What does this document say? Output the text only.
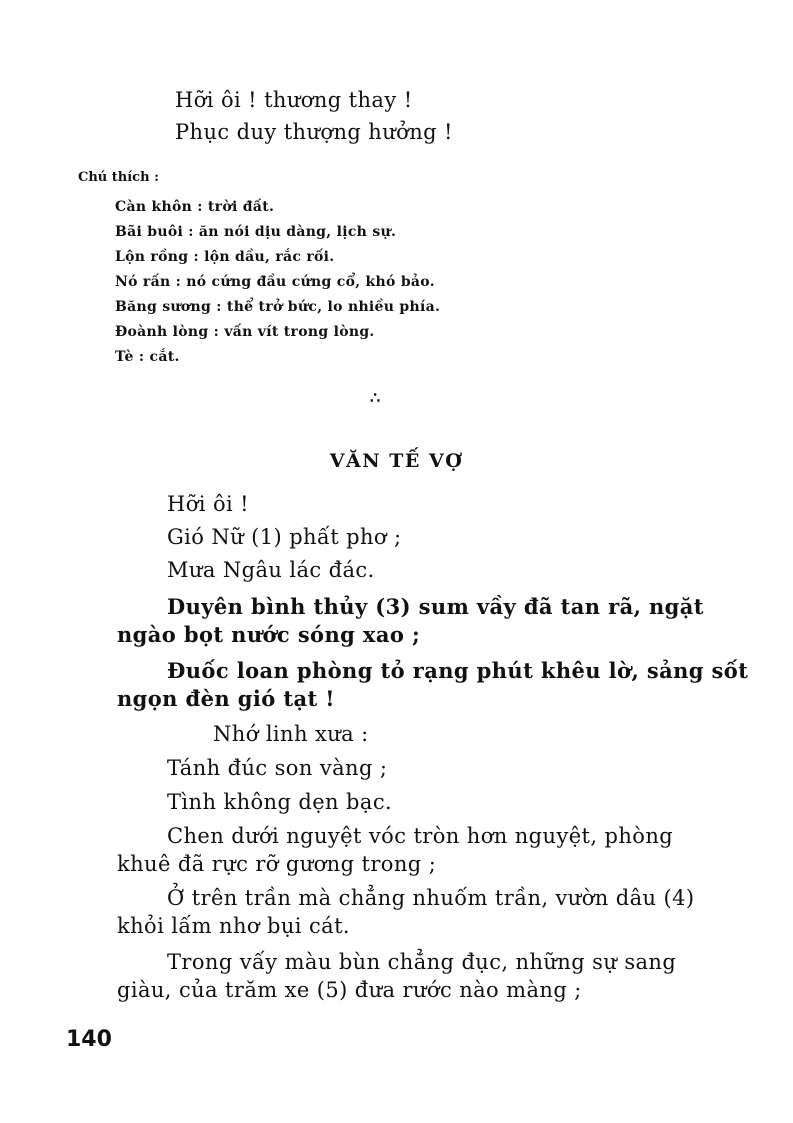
Hỡi ôi ! thương thay !
Phục duy thượng hưởng !
Chú thích :
Càn khôn : trời đất.
Bãi buôi : ăn nói dịu dàng, lịch sự.
Lộn rồng : lộn dầu, rắc rối.
Nó rấn : nó cứng đầu cứng cổ, khó bảo.
Băng sương : thể trở bức, lo nhiều phía.
Đoành lòng : vấn vít trong lòng.
Tè : cắt.
∴
VĂN TẾ VỢ
Hỡi ôi !
Gió Nữ (1) phất phơ ;
Mưa Ngâu lác đác.
Duyên bình thủy (3) sum vầy đã tan rã, ngặt
ngào bọt nước sóng xao ;
Đuốc loan phòng tỏ rạng phút khêu lờ, sảng sốt
ngọn đèn gió tạt !
Nhớ linh xưa :
Tánh đúc son vàng ;
Tình không dẹn bạc.
Chen dưới nguyệt vóc tròn hơn nguyệt, phòng
khuê đã rực rỡ gương trong ;
Ở trên trần mà chẳng nhuốm trần, vườn dâu (4)
khỏi lấm nhơ bụi cát.
Trong vấy màu bùn chẳng đục, những sự sang
giàu, của trăm xe (5) đưa rước nào màng ;
140
